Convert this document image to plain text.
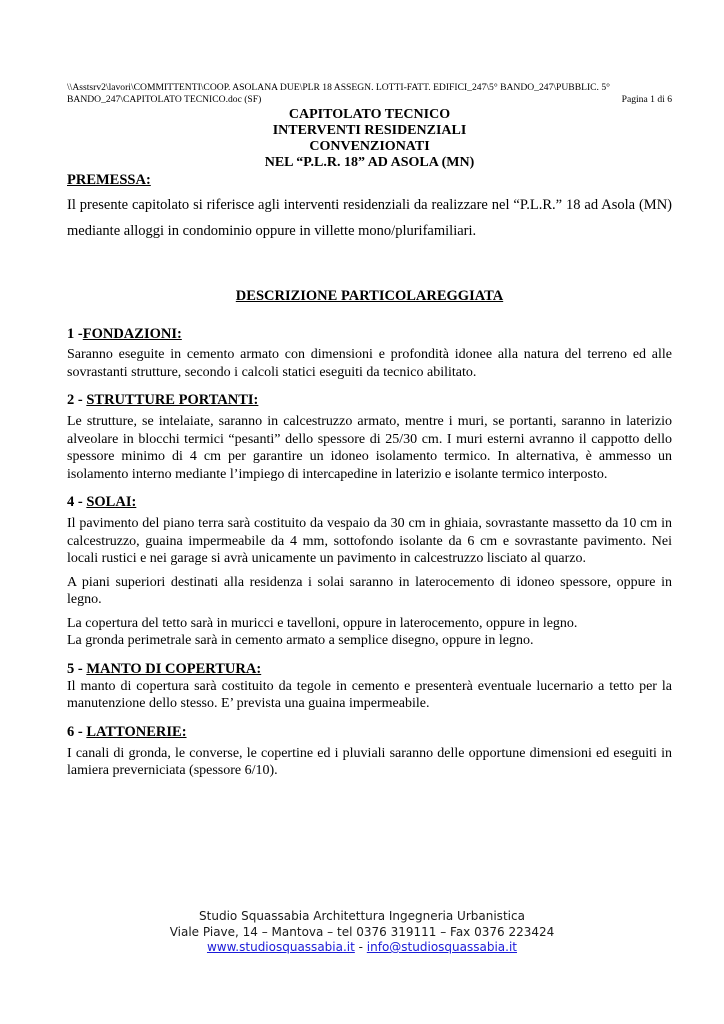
\\Asstsrv2\lavori\COMMITTENTI\COOP. ASOLANA DUE\PLR 18 ASSEGN. LOTTI-FATT. EDIFICI_247\5° BANDO_247\PUBBLIC. 5°
BANDO_247\CAPITOLATO TECNICO.doc (SF)	Pagina 1 di 6
CAPITOLATO TECNICO
INTERVENTI RESIDENZIALI
CONVENZIONATI
NEL “P.L.R. 18” AD ASOLA (MN)
PREMESSA:
Il presente capitolato si riferisce agli interventi residenziali da realizzare nel “P.L.R.” 18 ad Asola (MN) mediante alloggi in condominio oppure in villette mono/plurifamiliari.
DESCRIZIONE PARTICOLAREGGIATA
1 -FONDAZIONI:

Saranno eseguite in cemento armato con dimensioni e profondità idonee alla natura del terreno ed alle sovrastanti strutture, secondo i calcoli statici eseguiti da tecnico abilitato.

2 - STRUTTURE PORTANTI:

Le strutture, se intelaiate, saranno in calcestruzzo armato, mentre i muri, se portanti, saranno in laterizio alveolare in blocchi termici “pesanti” dello spessore di 25/30 cm. I muri esterni avranno il cappotto dello spessore minimo di 4 cm per garantire un idoneo isolamento termico. In alternativa, è ammesso un isolamento interno mediante l’impiego di intercapedine in laterizio e isolante termico interposto.

4 - SOLAI:

Il pavimento del piano terra sarà costituito da vespaio da 30 cm in ghiaia, sovrastante massetto da 10 cm in calcestruzzo, guaina impermeabile da 4 mm, sottofondo isolante da 6 cm e sovrastante pavimento. Nei locali rustici e nei garage si avrà unicamente un pavimento in calcestruzzo lisciato al quarzo.

A piani superiori destinati alla residenza i solai saranno in laterocemento di idoneo spessore, oppure in legno.

La copertura del tetto sarà in muricci e tavelloni, oppure in laterocemento, oppure in legno.

La gronda perimetrale sarà in cemento armato a semplice disegno, oppure in legno.

5 - MANTO DI COPERTURA:

Il manto di copertura sarà costituito da tegole in cemento e presenterà eventuale lucernario a tetto per la manutenzione dello stesso. E’ prevista una guaina impermeabile.

6 - LATTONERIE:

I canali di gronda, le converse, le copertine ed i pluviali saranno delle opportune dimensioni ed eseguiti in lamiera preverniciata (spessore 6/10).

Studio Squassabia Architettura Ingegneria Urbanistica
Viale Piave, 14 – Mantova – tel 0376 319111 – Fax 0376 223424
www.studiosquassabia.it - info@studiosquassabia.it
